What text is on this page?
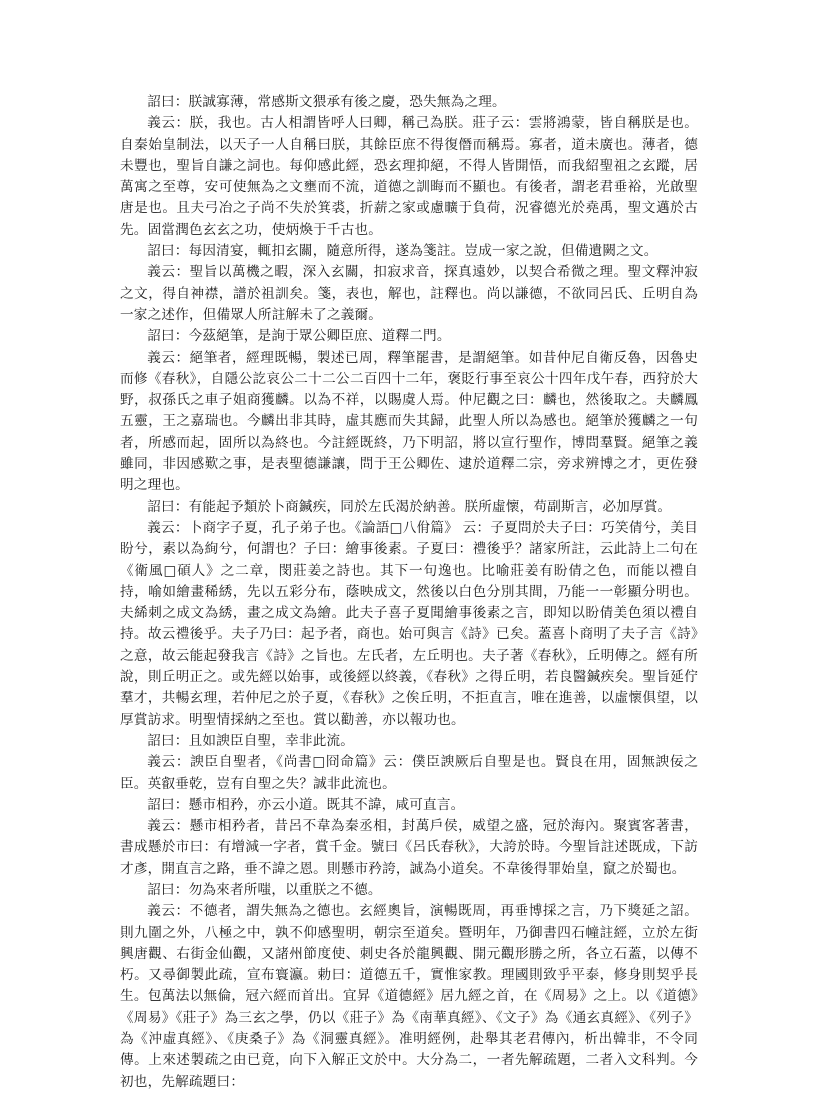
詔曰：朕誠寡薄，常感斯文猥承有後之慶，恐失無為之理。

義云：朕，我也。古人相謂皆呼人曰卿，稱己為朕。莊子云：雲將鴻蒙，皆自稱朕是也。自秦始皇制法，以天子一人自稱曰朕，其餘臣庶不得復僭而稱焉。寡者，道未廣也。薄者，德未豐也，聖旨自謙之詞也。每仰感此經，恐玄理抑絕，不得人皆開悟，而我紹聖祖之玄蹤，居萬寓之至尊，安可使無為之文壅而不流，道德之訓晦而不顯也。有後者，謂老君垂裕，光啟聖唐是也。且夫弓冶之子尚不失於箕裘，折薪之家或慮曠于負荷，況睿德光於堯禹，聖文邁於古先。固當潤色玄玄之功，使炳煥于千古也。

詔曰：每因清宴，輒扣玄關，隨意所得，遂為箋註。豈成一家之說，但備遺闕之文。

義云：聖旨以萬機之暇，深入玄關，扣寂求音，探真遠妙，以契合希微之理。聖文釋沖寂之文，得自神襟，譜於祖訓矣。箋，表也，解也，註釋也。尚以謙德，不欲同呂氏、丘明自為一家之述作，但備眾人所註解未了之義爾。

詔曰：今茲絕筆，是詢于眾公卿臣庶、道釋二門。

義云：絕筆者，經理既暢，製述已周，釋筆罷書，是謂絕筆。如昔仲尼自衛反魯，因魯史而修《春秋》，自隱公訖哀公二十二公二百四十二年，褒貶行事至哀公十四年戊午春，西狩於大野，叔孫氏之車子姐商獲麟。以為不祥，以賜虞人焉。仲尼觀之曰：麟也，然後取之。夫麟鳳五靈，王之嘉瑞也。今麟出非其時，虛其應而失其歸，此聖人所以為感也。絕筆於獲麟之一句者，所感而起，固所以為終也。今註經既終，乃下明詔，將以宣行聖作，博問羣賢。絕筆之義雖同，非因感歎之事，是表聖德謙讓，問于王公卿佐、逮於道釋二宗，旁求辨博之才，更佐發明之理也。

詔曰：有能起予類於卜商鍼疾，同於左氏渴於納善。朕所虛懷，苟副斯言，必加厚賞。

義云：卜商字子夏，孔子弟子也。《論語□八佾篇》 云：子夏問於夫子曰：巧笑倩兮，美目盼兮，素以為絢兮，何謂也？子曰：繪事後素。子夏曰：禮後乎？諸家所註，云此詩上二句在《衛風□碩人》之二章，閔莊姜之詩也。其下一句逸也。比喻莊姜有盼倩之色，而能以禮自持，喻如繪畫稀綉，先以五彩分布，蔭映成文，然後以白色分別其間，乃能一一彰顯分明也。夫絺刺之成文為綉，畫之成文為繪。此夫子喜子夏聞繪事後素之言，即知以盼倩美色須以禮自持。故云禮後乎。夫子乃曰：起予者，商也。始可與言《詩》已矣。蓋喜卜商明了夫子言《詩》之意，故云能起發我言《詩》之旨也。左氏者，左丘明也。夫子著《春秋》，丘明傳之。經有所說，則丘明正之。或先經以始事，或後經以終義，《春秋》之得丘明，若良醫鍼疾矣。聖旨延佇羣才，共暢玄理，若仲尼之於子夏，《春秋》之俟丘明，不拒直言，唯在進善，以虛懷俱望，以厚賞訪求。明聖情採納之至也。賞以勸善，亦以報功也。

詔曰：且如諛臣自聖，幸非此流。

義云：諛臣自聖者，《尚書□冏命篇》云：僕臣諛厥后自聖是也。賢良在用，固無諛佞之臣。英叡垂乾，豈有自聖之失？誠非此流也。

詔曰：懸市相矜，亦云小道。既其不諱，咸可直言。

義云：懸市相矜者，昔呂不韋為秦丞相，封萬戶侯，威望之盛，冠於海內。聚賓客著書，書成懸於市曰：有增減一字者，賞千金。號曰《呂氏春秋》，大誇於時。今聖旨註述既成，下訪才彥，開直言之路，垂不諱之恩。則懸市矜誇，誠為小道矣。不韋後得罪始皇，竄之於蜀也。

詔曰：勿為來者所嗤，以重朕之不德。

義云：不德者，謂失無為之德也。玄經奧旨，演暢既周，再垂博採之言，乃下獎延之詔。則九圍之外，八極之中，孰不仰感聖明，朝宗至道矣。暨明年，乃御書四石幢註經，立於左街興唐觀、右街金仙觀，又諸州節度使、刺史各於龍興觀、開元觀形勝之所，各立石蓋，以傳不朽。又尋御製此疏，宣布寰瀛。勅曰：道德五千，實惟家教。理國則致乎平泰，修身則契乎長生。包萬法以無倫，冠六經而首出。宜昇《道德經》居九經之首，在《周易》之上。以《道德》《周易》《莊子》為三玄之學，仍以《莊子》為《南華真經》、《文子》為《通玄真經》、《列子》為《沖虛真經》、《庚桑子》為《洞靈真經》。准明經例，赴舉其老君傳內，析出韓非，不令同傳。上來述製疏之由已竟，向下入解正文於中。大分為二，一者先解疏題，二者入文科判。今初也，先解疏題曰：
